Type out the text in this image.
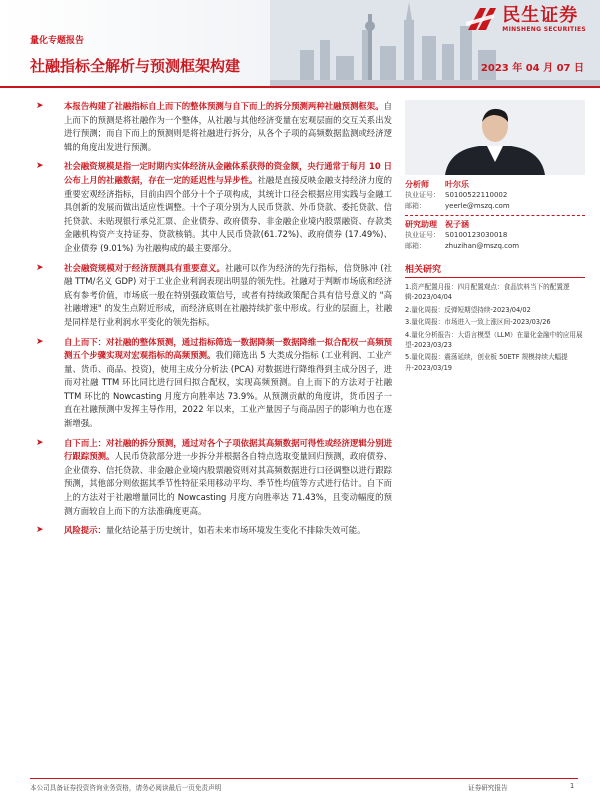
民生证券
MINSHENG SECURITIES
量化专题报告
社融指标全解析与预测框架构建	2023 年 04 月 07 日
➤ 本报告构建了社融指标自上而下的整体预测与自下而上的拆分预测两种社融预测框架。自上而下的预测是将社融作为一个整体，从社融与其他经济变量在宏观层面的交互关系出发进行预测；而自下而上的预测则是将社融进行拆分，从各个子项的高频数据监测或经济逻辑的角度出发进行预测。
➤ 社会融资规模是指一定时期内实体经济从金融体系获得的资金额，央行通常于每月 10 日公布上月的社融数据，存在一定的延迟性与异步性。社融是直接反映金融支持经济力度的重要宏观经济指标，目前由四个部分十个子项构成，其统计口径会根据应用实践与金融工具创新的发展而做出适应性调整。十个子项分别为人民币贷款、外币贷款、委托贷款、信托贷款、未贴现银行承兑汇票、企业债券、政府债券、非金融企业境内股票融资、存款类金融机构资产支持证券、贷款核销。其中人民币贷款(61.72%)、政府债券 (17.49%)、企业债券 (9.01%) 为社融构成的最主要部分。
➤ 社会融资规模对于经济预测具有重要意义。社融可以作为经济的先行指标，信贷脉冲 (社融 TTM/名义 GDP) 对于工业企业利润表现出明显的领先性。社融对于判断市场底和经济底有参考价值，市场底一般在特别强政策信号，或者有持续政策配合具有信号意义的 "高社融增速" 的发生点附近形成，而经济底则在社融持续扩张中形成。行业的层面上，社融是同样是行业利润水平变化的领先指标。
➤ 自上而下：对社融的整体预测，通过指标筛选一数据降频一数据降维一拟合配权一高频预测五个步骤实现对宏观指标的高频预测。我们筛选出 5 大类成分指标 (工业利润、工业产量、货币、商品、投资)，使用主成分分析法 (PCA) 对数据进行降维得到主成分因子，进而对社融 TTM 环比同比进行回归拟合配权，实现高频预测。自上而下的方法对于社融 TTM 环比的 Nowcasting 月度方向胜率达 73.9%。从预测贡献的角度讲，货币因子一直在社融预测中发挥主导作用，2022 年以来，工业产量因子与商品因子的影响力也在逐渐增强。
➤ 自下而上：对社融的拆分预测，通过对各个子项依据其高频数据可得性或经济逻辑分别进行跟踪预测。人民币贷款部分进一步拆分并根据各自特点选取变量回归预测，政府债券、企业债券、信托贷款、非金融企业境内股票融资则对其高频数据进行口径调整以进行跟踪预测，其他部分则依据其季节性特征采用移动平均、季节性均值等方式进行估计。自下而上的方法对于社融增量同比的 Nowcasting 月度方向胜率达 71.43%，且变动幅度的预测方面较自上而下的方法准确度更高。
➤ 风险提示：量化结论基于历史统计，如若未来市场环境发生变化不排除失效可能。
分析师	叶尔乐
执业证号： S0100522110002
邮箱：	yeerle@mszq.com
研究助理	祝子涵
执业证号： S0100123030018
邮箱：	zhuzihan@mszq.com
相关研究
1.资产配置月报：四月配置观点：食品饮料当下的配置逻辑-2023/04/04
2.量化周报：反弹短期望持续-2023/04/02
3.量化周报：市场进入一致上涨区间-2023/03/26
4.量化分析报告：大语言模型（LLM）在量化金融中的应用展望-2023/03/23
5.量化周报：震荡延续，创业板 50ETF 规模持续大幅提升-2023/03/19
本公司具备证券投资咨询业务资格，请务必阅读最后一页免责声明	证券研究报告	1
